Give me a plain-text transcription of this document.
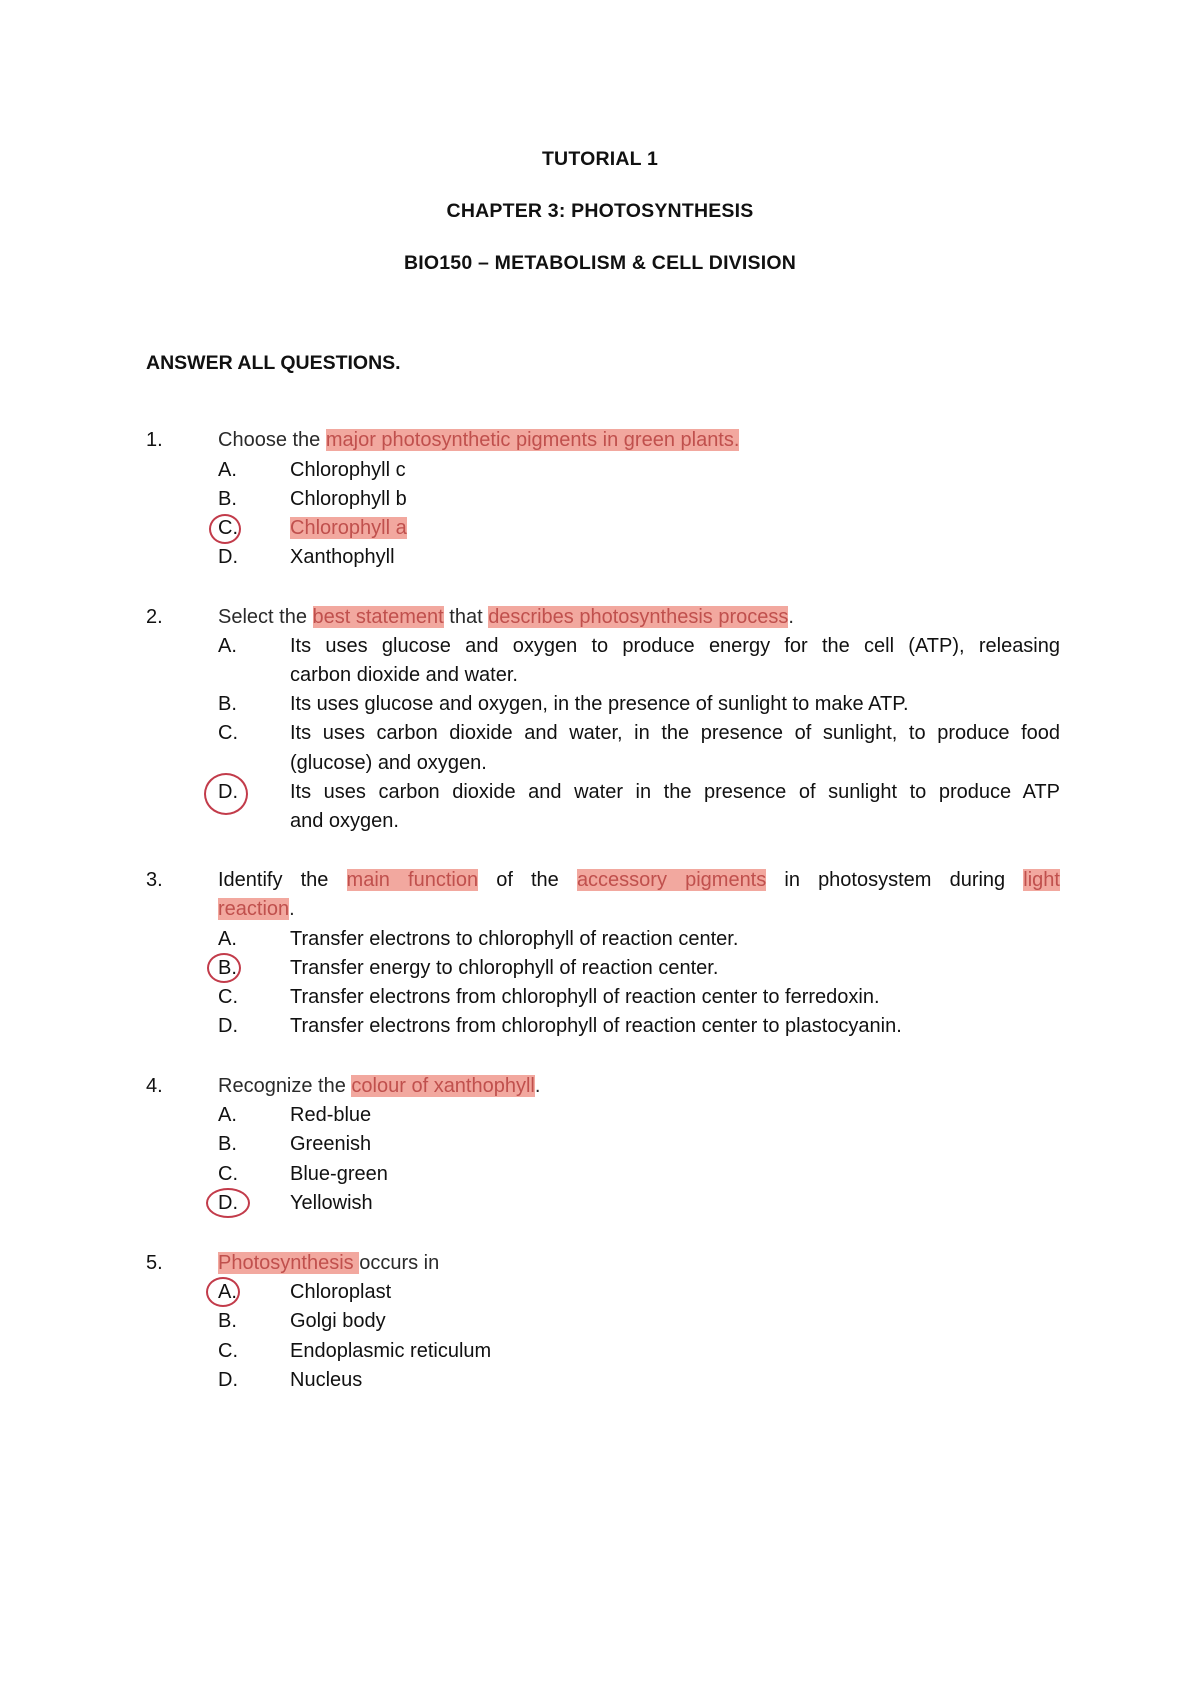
TUTORIAL 1
CHAPTER 3: PHOTOSYNTHESIS
BIO150 – METABOLISM & CELL DIVISION
ANSWER ALL QUESTIONS.
1.	Choose the major photosynthetic pigments in green plants.
A.	Chlorophyll c
B.	Chlorophyll b
C.	Chlorophyll a
D.	Xanthophyll
2.	Select the best statement that describes photosynthesis process.
A.	Its uses glucose and oxygen to produce energy for the cell (ATP), releasing
carbon dioxide and water.
B.	Its uses glucose and oxygen, in the presence of sunlight to make ATP.
C.	Its uses carbon dioxide and water, in the presence of sunlight, to produce food
(glucose) and oxygen.
D.	Its uses carbon dioxide and water in the presence of sunlight to produce ATP
and oxygen.
3.	Identify the main function of the accessory pigments in photosystem during light
reaction.
A.	Transfer electrons to chlorophyll of reaction center.
B.	Transfer energy to chlorophyll of reaction center.
C.	Transfer electrons from chlorophyll of reaction center to ferredoxin.
D.	Transfer electrons from chlorophyll of reaction center to plastocyanin.
4.	Recognize the colour of xanthophyll.
A.	Red-blue
B.	Greenish
C.	Blue-green
D.	Yellowish
5.	Photosynthesis occurs in
A.	Chloroplast
B.	Golgi body
C.	Endoplasmic reticulum
D.	Nucleus
